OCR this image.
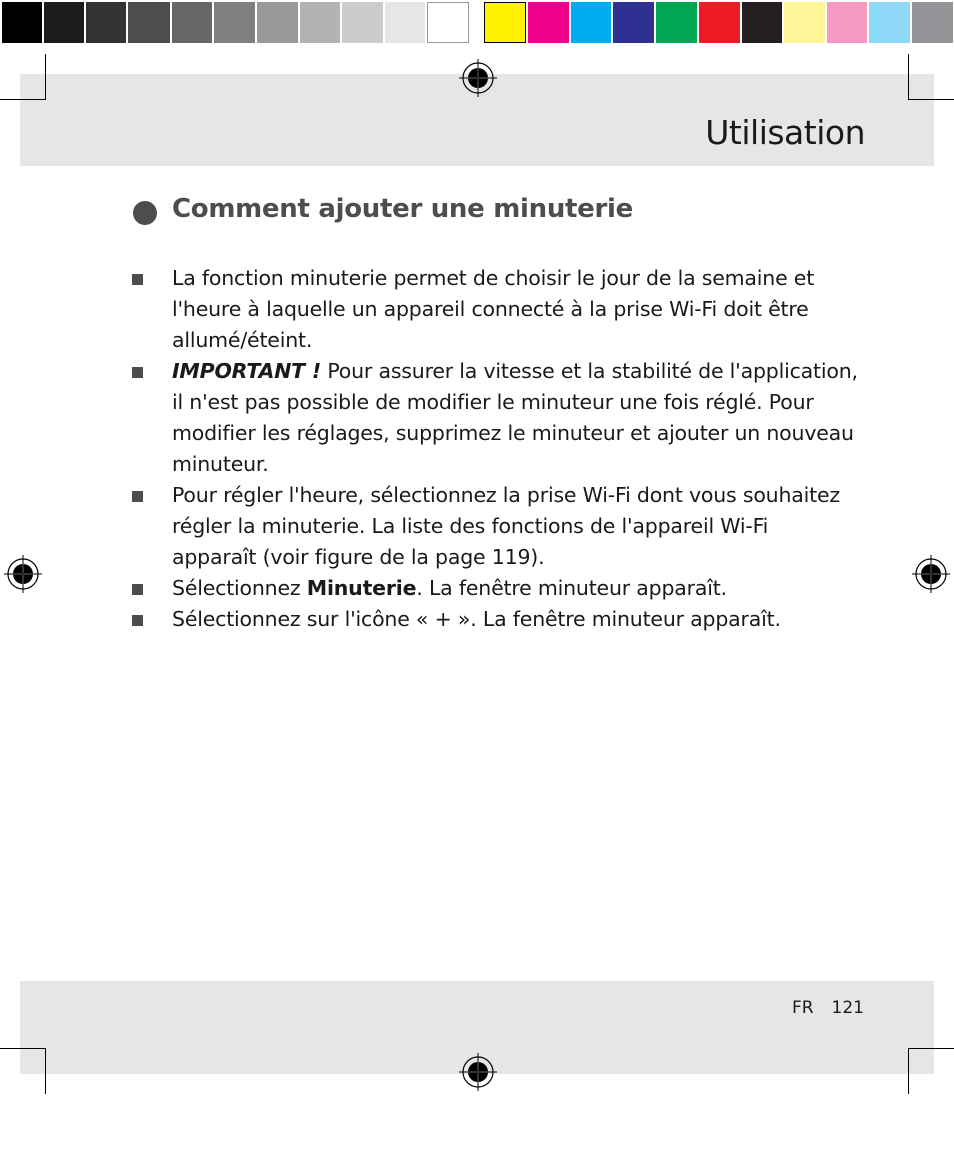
Utilisation
Comment ajouter une minuterie
La fonction minuterie permet de choisir le jour de la semaine et l'heure à laquelle un appareil connecté à la prise Wi-Fi doit être allumé/éteint.
IMPORTANT ! Pour assurer la vitesse et la stabilité de l'application, il n'est pas possible de modifier le minuteur une fois réglé. Pour modifier les réglages, supprimez le minuteur et ajouter un nouveau minuteur.
Pour régler l'heure, sélectionnez la prise Wi-Fi dont vous souhaitez régler la minuterie. La liste des fonctions de l'appareil Wi-Fi apparaît (voir figure de la page 119).
Sélectionnez Minuterie. La fenêtre minuteur apparaît.
Sélectionnez sur l'icône « + ». La fenêtre minuteur apparaît.
FR 121
